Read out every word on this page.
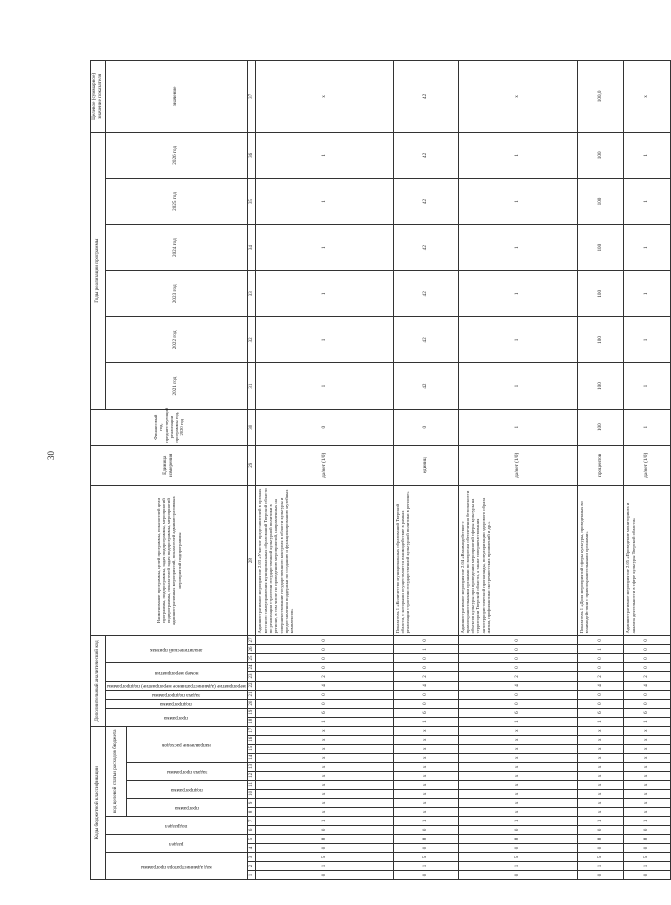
30
Коды бюджетной классификации																	Дополнительный аналитический код										Наименование программы, целей программы, показателей цели программы, подпрограммы, задач подпрограммы, мероприятий подпрограммы, показателей задач подпрограммы, мероприятий административных мероприятий, показателей административных мероприятий подпрограммы	Единица измерения	Финансовый год, предшествующий реализации программы год, 2020 год	Годы реализации программы						Целевое (суммарное) значение показателя

код администратора программы			раздел		подраздел		код целевой статьи расходов бюджета										программа		подпрограмма	задача подпрограммы	мероприятие (административное мероприятие) подпрограммы	номер мероприятия		аналитический признак						2021 год	2022 год	2023 год	2024 год	2025 год	2026 год	значение

							программа		подпрограмма		задача программы		направление расходов																							

1	2	3	4	5	6	7	8	9	10	11	12	13	14	15	16	17	18	19	20	21	22	23	24	25	26	27	28	29	30	31	32	33	34	35	36	37
0	1	5	0	8	0	1	х	х	х	х	х	х	х	х	х	х	1	6	0	0	4	2	0	0	0	0	Административное мероприятие 2.03 «Участие представителей в органах местного самоуправления муниципальных образований Тверской области по реализации стратегии государственной культурной политики в регионе, в том числе по проведению мероприятий, направленных на совершенствование государственного контроля в области культуры и предоставления поддержки по созданию и функционированию музейных комплексов»	да/нет (1/0)	0	1	1	1	1	1	1	х
0	1	5	0	8	0	1	х	х	х	х	х	х	х	х	х	х	1	6	0	0	4	2	0	0	1	0	Показатель 1 «Количество муниципальных образований Тверской области, с которыми осуществляется взаимодействие в рамках реализации стратегии государственной культурной политики в регионе»	единиц	0	42	42	42	42	42	42	42
0	1	5	0	8	0	1	х	х	х	х	х	х	х	х	х	х	1	6	0	0	4	2	0	0	0	0	Административное мероприятие 2.04 «Взаимодействие с правоохранительными органами по вопросам обеспечения безопасности объектов культуры при проведении мероприятий сферы культуры на территории Тверской области, а также совершенствования антитеррористической пропаганды, популяризации здорового образа жизни, профилактики экстремистских проявлений и др.»	да/нет (1/0)	1	1	1	1	1	1	1	х
0	1	5	0	8	0	1	х	х	х	х	х	х	х	х	х	х	1	6	0	0	4	2	0	0	1	0	Показатель 1 «Доля мероприятий сферы культуры, проведенных во взаимодействии с правоохранительными органами»	процентов	100	100	100	100	100	100	100	100,0
0	1	5	0	8	0	1	х	х	х	х	х	х	х	х	х	х	1	6	0	0	4	2	0	0	0	0	Административное мероприятие 2.05 «Проведение мониторинга и анализа деятельности в сфере культуры Тверской области»	да/нет (1/0)	1	1	1	1	1	1	1	х
